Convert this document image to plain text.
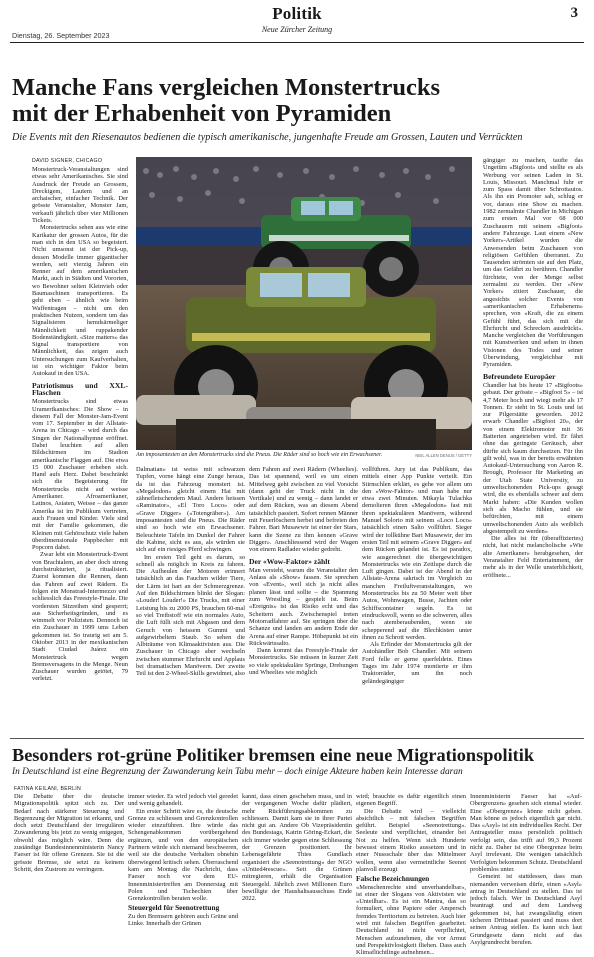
Dienstag, 26. September 2023
Politik
Neue Zürcher Zeitung
3
Manche Fans vergleichen Monstertrucks
mit der Erhabenheit von Pyramiden
Die Events mit den Riesenautos bedienen die typisch amerikanische, jungenhafte Freude am Grossen, Lauten und Verrückten
DAVID SIGNER, CHICAGO

Monstertruck-Veranstaltungen sind etwas sehr Amerikanisches. Sie sind Ausdruck der Freude an Grossem, Dreckigem, Lautem und an archaischer, einfacher Technik. Der grösste Veranstalter, Monster Jam, verkauft jährlich über vier Millionen Tickets.

Monstertrucks sehen aus wie eine Karikatur der grossen Autos, für die man sich in den USA so begeistert. Nicht umsonst ist der Pick-up, dessen Modelle immer gigantischer werden, seit vierzig Jahren ein Renner auf dem amerikanischen Markt, auch in Städten und Vororten, wo Bewohner selten Kleinvieh oder Baumaschinen transportieren. Es geht eben – ähnlich wie beim Waffentragen – nicht um den praktischen Nutzen, sondern um das Signalisieren hemdsärmeliger Männlichkeit und ruppakender Bodenständigkeit. «Size matters» das Signal transportiere von Männlichkeit, das zeigen auch Untersuchungen zum Kaufverhalten, ist ein wichtiger Faktor beim Autokauf in den USA.

Patriotismus und XXL-Flaschen

Monstertrucks sind etwas Uramerikanisches: Die Show – in diesem Fall der Monster-Jam-Event vom 17. September in der Allstate-Arena in Chicago – wird durch das Singen der Nationalhymne eröffnet. Dabei leuchten auf allen Bildschirmen im Stadion amerikanische Flaggen auf. Die etwa 15 000 Zuschauer erheben sich. Hand aufs Herz. Dabei beschränkt sich die Begeisterung für Monstertrucks nicht auf weisse Amerikaner. Afroamerikaner, Latinos, Asiaten, Weisse – das ganze Amerika ist im Publikum vertreten, auch Frauen und Kinder. Viele sind mit der Familie gekommen, die Kleinen mit Gehörschutz viele haben überdimensionale Pappbecher mit Popcorn dabei.

Zwar lebt ein Monstertruck-Event von Brachialem, an aber doch streng durchstrukturiert, ja ritualisiert. Zuerst kommen die Rennen, dann das Fahren auf zwei Rädern. Es folgen ein Monstrad-Intermezzo und schliesslich das Freestyle-Finale. Die vordersten Sitzreihen sind gesperrt; aus Sicherheitsgründen, und es wimmelt vor Polizisten. Dennoch ist ein Zuschauer in 1999 ums Leben gekommen ist. So traurig sei am 5. Oktober 2013 in der mexikanischen Stadt Ciudad Juárez ein Monstertruck wegen Bremsversagens in die Menge. Neun Zuschauer wurden getötet, 79 verletzt.

Am imposantesten an den Monstertrucks sind die Pneus. Die Räder sind so hoch wie ein Erwachsener.	NEIL ALLEN DENUS / GETTY

Dalmatian» ist weiss mit schwarzen Tupfen, vorne hängt eine Zunge heraus, da ist das Fahrzeug monstert ist. «Megalodon» gleicht einem Hai mit zähnefletschendem Maul. Andere heissen «Raminator», «El Toro Loco» oder «Grave Digger» («Totengräber»). Am imposantesten sind die Pneus. Die Räder sind so hoch wie ein Erwachsener. Beleuchtete Tafeln im Dunkel der Fahrer die Kabine, sicht es aus, als würden sie sich auf ein riesiges Pferd schwingen.

Im ersten Teil geht es darum, so schnell als möglich in Kreis zu fahren. Die Aufheulen der Motoren erinnert tatsächlich an das Fauchen wilder Tiere, der Lärm ist hart an der Schmerzgrenze. Auf den Bildschirmen blinkt der Slogan: «Louder! Louder!» Die Trucks, mit einer Leistung bis zu 2000 PS, brauchen 60-mal so viel Treibstoff wie ein normales Auto, die Luft füllt sich mit Abgasen und dem Geruch von heissem Gummi und aufgewirbeltem Staub. So sehen die Albträume von Klimaaktivisten aus. Die Zuschauer in Chicago aber wechseln zwischen stummer Ehrfurcht und Applaus bei dramatischen Manövern. Der zweite Teil ist den 2-Wheel-Skills gewidmet, also

dem Fahren auf zwei Rädern (Wheelies). Das ist spannend, weil es um einen Mittelweg geht zwischen zu viel Vorsicht (dann geht der Truck nicht in die Vertikale) und zu wenig – dann landet er auf dem Rücken, was an diesem Abend tatsächlich passiert. Sofort rennen Männer mit Feuerlöschern herbei und befreien den Fahrer. Bari Musawwir ist einer der Stars, kann die Szene zu ihm kennen «Grave Digger». Anschliessend wird der Wagen von einem Radlader wieder gedreht.

Der «Wow-Faktor» zählt

Man versteht, warum die Veranstalter den Anlass als «Show» fassen. Sie sprechen von «Event», weil sich ja nicht alles planen lässt und sollte – die Spannung zum Wrestling – gespielt ist. Beim «Ereignis» ist das Risiko echt und das Scheitern auch. Zwischenspiel treten Motorradfahrer auf. Sie springen über die Schanze und landen am andern Ende der Arena auf einer Rampe. Höhepunkt ist ein Rückwärtssalto.

Dann kommt das Freestyle-Finale der Monstertrucks. Sie müssen in kurzer Zeit so viele spektakuläre Sprünge, Drehungen und Wheelies wie möglich

vollführen. Jury ist das Publikum, das mittels einer App Punkte verteilt. Ein Stirnschlen erklärt, es gehe vor allem um den «Wow-Faktor» und man habe nur etwa zwei Minuten. Mikayla Tulachka demolieren ihren «Megalodon» fast mit ihren spektakulären Manövern, während Manuel Solorio mit seinem «Loco Loco» tatsächlich einen Salto vollführt. Sieger wird der tollkühne Bari Musawwir, der im ersten Teil mit seinem «Grave Digger» auf dem Rücken gelandet ist. Es ist paradox, wie ausgerechnet die übergewichtigen Monstertrucks wie ein Zeitlupe durch die Luft gingen. Dabei ist der Abend in der Allstate-Arena sakrisch im Vergleich zu manchen Freiluftveranstaltungen, wo Monstertrucks bis zu 50 Meter weit über Autos, Wohnwagen, Busse, Jachten oder Schiffscontainer segeln. Es ist eindrucksvoll, wenn so die schweren, alles nach atemberaubenden, wenn sie schepperend auf die Blechkisten unter ihnen zu Schrott werden.

Als Erfinder der Monstertrucks gilt der Autohändler Bob Chandler. Mit seinem Ford felle er gerne querfeldein. Eines Tages im Jahr 1974 montierte er ihm Traktorräder, um ihn noch geländegängiger

gängiger zu machen, taufte das Ungetüm «Bigfoot» und stellte es als Werbung vor seinen Laden in St. Louis, Missouri. Manchmal fuhr er zum Spass damit über Schrottautos. Als ihn ein Promoter sah, schlug er vor, daraus eine Show zu machen. 1982 zermalmte Chandler in Michigan zum ersten Mal vor 68 000 Zuschauern mit seinem «Bigfoot» andere Fahrzeuge. Laut einem «New Yorker»-Artikel wurden die Anwesenden beim Zuschauen von religiösen Gefühlen überrannt. Zu Tausenden strömten sie auf den Platz, um das Gefährt zu berühren. Chandler fürchtete, von der Menge selbst zermalmt zu werden. Der «New Yorker» zitiert Zuschauer, die angesichts solcher Events von «amerikanischen Erhabenem» sprechen, von «Kraft, die zu einem Gefühl führt, das sich mit die Ehrfurcht und Schrecken ausdrückt». Manche vergleichen die Vorführungen mit Kunstwerken und sehen in ihnen Visionen des Todes und seiner Überwindung, vergleichbar mit Pyramiden.

Befreundete Europäer

Chandler hat bis heute 17 «Bigfoots» gebaut. Der grösste – «Bigfoot 5» – ist 4,7 Meter hoch und wiegt mehr als 17 Tonnen. Er steht in St. Louis und ist zur Pilgerstätte geworden. 2012 erwarb Chandler «Bigfoot 20», der von einem Elektromotor mit 36 Batterien angetrieben wird. Er fährt ohne das geringste Geräusch, aber dürfte sich kaum durchsetzen. Für ihn gilt wohl, was in der bereits erwähnten Autokauf-Untersuchung von Aaron R. Brough, Professor für Marketing an der Utah State University, zu umweltschonenden Pick-ups gesagt wird, die es ebenfalls schwer auf dem Markt haben: «Die Kunden wollen sich als Macho fühlen, und sie befürchten, mit einem umweltschonenden Auto als weiblich abgestempelt zu werden»

Die alles ist für (überaffiziertes) nicht, hat nicht melancholische «Wie alte Amerikaner» herabgesehen, der Veranstalter Feld Entertainment, der mehr als in der Welle unsterblichkeit, eröffnete...

Besonders rot-grüne Politiker bremsen eine neue Migrationspolitik
In Deutschland ist eine Begrenzung der Zuwanderung kein Tabu mehr – doch einige Akteure haben kein Interesse daran
FATINA KEILANI, BERLIN

Die Debatte über die deutsche Migrationspolitik spitzt sich zu. Der Bedarf nach stärkerer Steuerung und Begrenzung der Migration ist erkannt, und doch setzt Deutschland der irregulären Zuwanderung bis jetzt zu wenig entgegen, obwohl das möglich wäre. Denn die zuständige Bundesinnenministerin Nancy Faeser ist für offene Grenzen. Sie ist die grösste Bremse, sie setzt zu keinem Schritt, den Zustrom zu verringern.

immer wieder. Es wird jedoch viel geredet und wenig gehandelt.

Ein erster Schritt wäre es, die deutsche Grenze zu schliessen und Grenzkontrollen wieder einzuführen. Ihre würde das Schengenabkommen vorübergehend ergänzen, und von den europäischen Partnern würde sich niemand beschweren, weil sie die deutsche Verhalten obnehin überwiegend kritisch sehen. Überraschend kam am Montag die Nachricht, dass Faeser noch vor dem EU-Innenministertreffen am Donnerstag mit Polen und Tschechien über Grenzkontrollen beraten wolle.

Steuergeld für Seenotrettung

Zu den Bremsern gehören auch Grüne und Linke. Innerhalb der Grünen

kannt, dass einen geschehen muss, und in der vergangenen Woche dafür plädiert, mehr Rückführungsabkommen zu schliessen. Damit kam sie in ihrer Partei nicht gut an. Andere Ob Vizepräsidentin des Bundestags, Katrin Göring-Eckart, die sich immer wieder gegen eine Schliessung der Grenzen positioniert. Ihr Lebensgefährte Thies Gundlach organisiert die «Seenotrettung» der NGO «United4rescue». Seit die Grünen mitregieren, erhält die Organisation Steuergeld. Jährlich zwei Millionen Euro bewilligte der Haushaltsausschuss Ende 2022.

wird; brauchte es dafür eigentlich einen eigenen Begriff.

Die Debatte wird – vielleicht absichtlich – mit falschen Begriffen geführt. Beispiel «Seenotrettung». Seeleute sind verpflichtet, einander bei Not zu helfen. Wenn sich Hunderte bewusst einem Risiko aussetzen und in einer Nussschale über das Mittelmeer wollen, wenn also vermeintliche Seenot planvoll erzeugt

Falsche Bezeichnungen

«Menschenrechte sind unverhandelbar», ist einer der Slogans von Aktivisten wie «Unteilbar». Es ist ein Mantra, das so formuliert, ohne Papiere oder Ampersch fremdes Territorium zu betreten. Auch hier wird mit falschen Begriffen gearbeitet. Deutschland ist nicht verpflichtet, Menschen aufzunehmen, die vor Armut und Perspektivlosigkeit fliehen. Dass auch Klimaflüchtlinge aufnehmen...

Innenministerin Faeser hat «Auf-Obergrenzen» gesehen sich einmal wieder. Eine «Obergrenze» könne nicht geben. Man könne es jedoch eigentlich gar nicht. Das «Asyl» ist ein individuelles Recht. Der Antragsteller muss persönlich politisch verfolgt sein, das trifft auf 99,3 Prozent nicht zu. Daher ist eine Obergrenze beim Asyl irrelevant. Die wenigen tatsächlich Verfolgten bekommen Schutz. Deutschland problemlos unter.

Gemeint ist stattdessen, dass man niemanden verweisen dürfe, einen «Asyl» antrag in Deutschland zu stellen. Das ist jedoch falsch. Wer in Deutschland Asyl beantragt und auf dem Landweg gekommen ist, hat zwangsläufig einen sicheren Drittstaat passiert und muss dort seinen Antrag stellen. Es kann sich laut Grundgesetz dann nicht auf das Asylgrundrecht berufen.
